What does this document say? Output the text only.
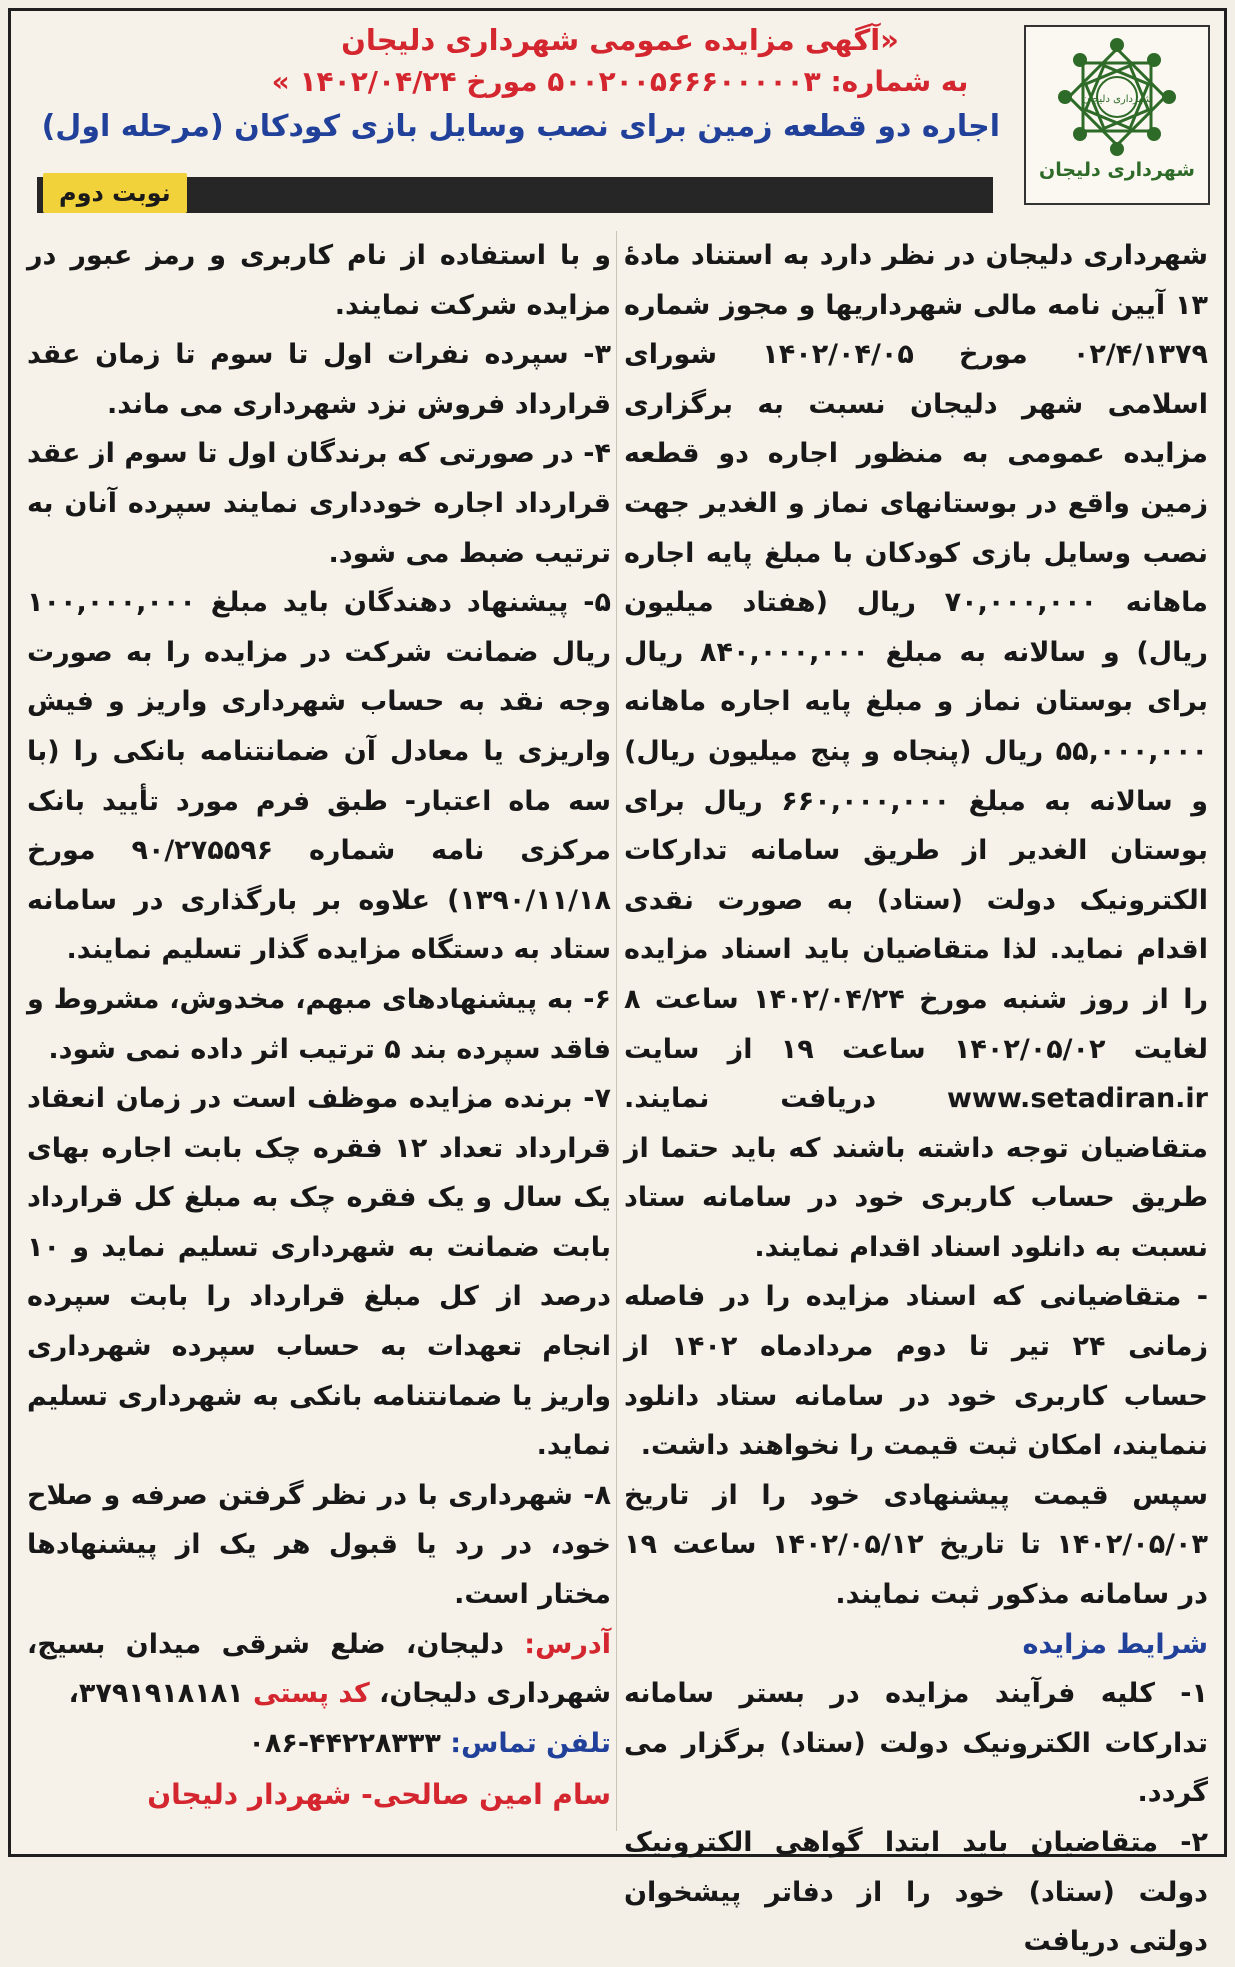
شهرداری دلیجان
شهرداری دلیجان

«آگهی مزایده عمومی شهرداری دلیجان

به شماره: ۵۰۰۲۰۰۵۶۶۶۰۰۰۰۰۳ مورخ ۱۴۰۲/۰۴/۲۴ »

اجاره دو قطعه زمین برای نصب وسایل بازی کودکان (مرحله اول)

نوبت دوم

شهرداری دلیجان در نظر دارد به استناد مادهٔ ۱۳ آیین نامه مالی شهرداریها و مجوز شماره ۰۲/۴/۱۳۷۹ مورخ ۱۴۰۲/۰۴/۰۵ شورای اسلامی شهر دلیجان نسبت به برگزاری مزایده عمومی به منظور اجاره دو قطعه زمین واقع در بوستانهای نماز و الغدیر جهت نصب وسایل بازی کودکان با مبلغ پایه اجاره ماهانه ۷۰,۰۰۰,۰۰۰ ریال (هفتاد میلیون ریال) و سالانه به مبلغ ۸۴۰,۰۰۰,۰۰۰ ریال برای بوستان نماز و مبلغ پایه اجاره ماهانه ۵۵,۰۰۰,۰۰۰ ریال (پنجاه و پنج میلیون ریال) و سالانه به مبلغ ۶۶۰,۰۰۰,۰۰۰ ریال برای بوستان الغدیر از طریق سامانه تدارکات الکترونیک دولت (ستاد) به صورت نقدی اقدام نماید. لذا متقاضیان باید اسناد مزایده را از روز شنبه مورخ ۱۴۰۲/۰۴/۲۴ ساعت ۸ لغایت ۱۴۰۲/۰۵/۰۲ ساعت ۱۹ از سایت www.setadiran.ir دریافت نمایند. متقاضیان توجه داشته باشند که باید حتما از طریق حساب کاربری خود در سامانه ستاد نسبت به دانلود اسناد اقدام نمایند.

- متقاضیانی که اسناد مزایده را در فاصله زمانی ۲۴ تیر تا دوم مردادماه ۱۴۰۲ از حساب کاربری خود در سامانه ستاد دانلود ننمایند، امکان ثبت قیمت را نخواهند داشت.

سپس قیمت پیشنهادی خود را از تاریخ ۱۴۰۲/۰۵/۰۳ تا تاریخ ۱۴۰۲/۰۵/۱۲ ساعت ۱۹ در سامانه مذکور ثبت نمایند.

شرایط مزایده

۱- کلیه فرآیند مزایده در بستر سامانه تدارکات الکترونیک دولت (ستاد) برگزار می گردد.

۲- متقاضیان باید ابتدا گواهی الکترونیک دولت (ستاد) خود را از دفاتر پیشخوان دولتی دریافت

و با استفاده از نام کاربری و رمز عبور در مزایده شرکت نمایند.

۳- سپرده نفرات اول تا سوم تا زمان عقد قرارداد فروش نزد شهرداری می ماند.

۴- در صورتی که برندگان اول تا سوم از عقد قرارداد اجاره خودداری نمایند سپرده آنان به ترتیب ضبط می شود.

۵- پیشنهاد دهندگان باید مبلغ ۱۰۰,۰۰۰,۰۰۰ ریال ضمانت شرکت در مزایده را به صورت وجه نقد به حساب شهرداری واریز و فیش واریزی یا معادل آن ضمانتنامه بانکی را (با سه ماه اعتبار- طبق فرم مورد تأیید بانک مرکزی نامه شماره ۹۰/۲۷۵۵۹۶ مورخ ۱۳۹۰/۱۱/۱۸) علاوه بر بارگذاری در سامانه ستاد به دستگاه مزایده گذار تسلیم نمایند.

۶- به پیشنهادهای مبهم، مخدوش، مشروط و فاقد سپرده بند ۵ ترتیب اثر داده نمی شود.

۷- برنده مزایده موظف است در زمان انعقاد قرارداد تعداد ۱۲ فقره چک بابت اجاره بهای یک سال و یک فقره چک به مبلغ کل قرارداد بابت ضمانت به شهرداری تسلیم نماید و ۱۰ درصد از کل مبلغ قرارداد را بابت سپرده انجام تعهدات به حساب سپرده شهرداری واریز یا ضمانتنامه بانکی به شهرداری تسلیم نماید.

۸- شهرداری با در نظر گرفتن صرفه و صلاح خود، در رد یا قبول هر یک از پیشنهادها مختار است.

آدرس: دلیجان، ضلع شرقی میدان بسیج، شهرداری دلیجان، کد پستی ۳۷۹۱۹۱۸۱۸۱،

تلفن تماس: ۴۴۲۲۸۳۳۳-۰۸۶

سام امین صالحی- شهردار دلیجان
